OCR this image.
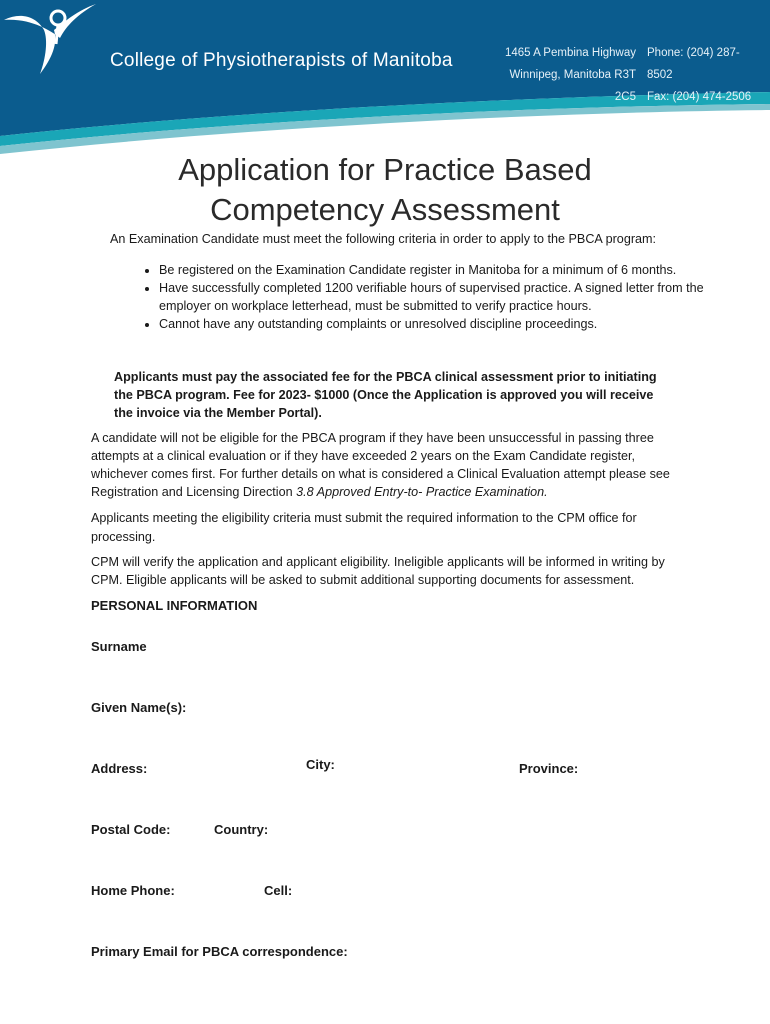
College of Physiotherapists of Manitoba	1465 A Pembina Highway
Winnipeg, Manitoba R3T 2C5
Phone: (204) 287-8502
Fax: (204) 474-2506
Application for Practice Based Competency Assessment

An Examination Candidate must meet the following criteria in order to apply to the PBCA program:

• Be registered on the Examination Candidate register in Manitoba for a minimum of 6 months.
• Have successfully completed 1200 verifiable hours of supervised practice. A signed letter from the employer on workplace letterhead, must be submitted to verify practice hours.
• Cannot have any outstanding complaints or unresolved discipline proceedings.

Applicants must pay the associated fee for the PBCA clinical assessment prior to initiating the PBCA program. Fee for 2023- $1000 (Once the Application is approved you will receive the invoice via the Member Portal).

A candidate will not be eligible for the PBCA program if they have been unsuccessful in passing three attempts at a clinical evaluation or if they have exceeded 2 years on the Exam Candidate register, whichever comes first. For further details on what is considered a Clinical Evaluation attempt please see Registration and Licensing Direction 3.8 Approved Entry-to- Practice Examination.

Applicants meeting the eligibility criteria must submit the required information to the CPM office for processing.

CPM will verify the application and applicant eligibility. Ineligible applicants will be informed in writing by CPM. Eligible applicants will be asked to submit additional supporting documents for assessment.

PERSONAL INFORMATION
Surname
Given Name(s):
Address:	City:	Province:
Postal Code:	Country:
Home Phone:	Cell:
Primary Email for PBCA correspondence:
